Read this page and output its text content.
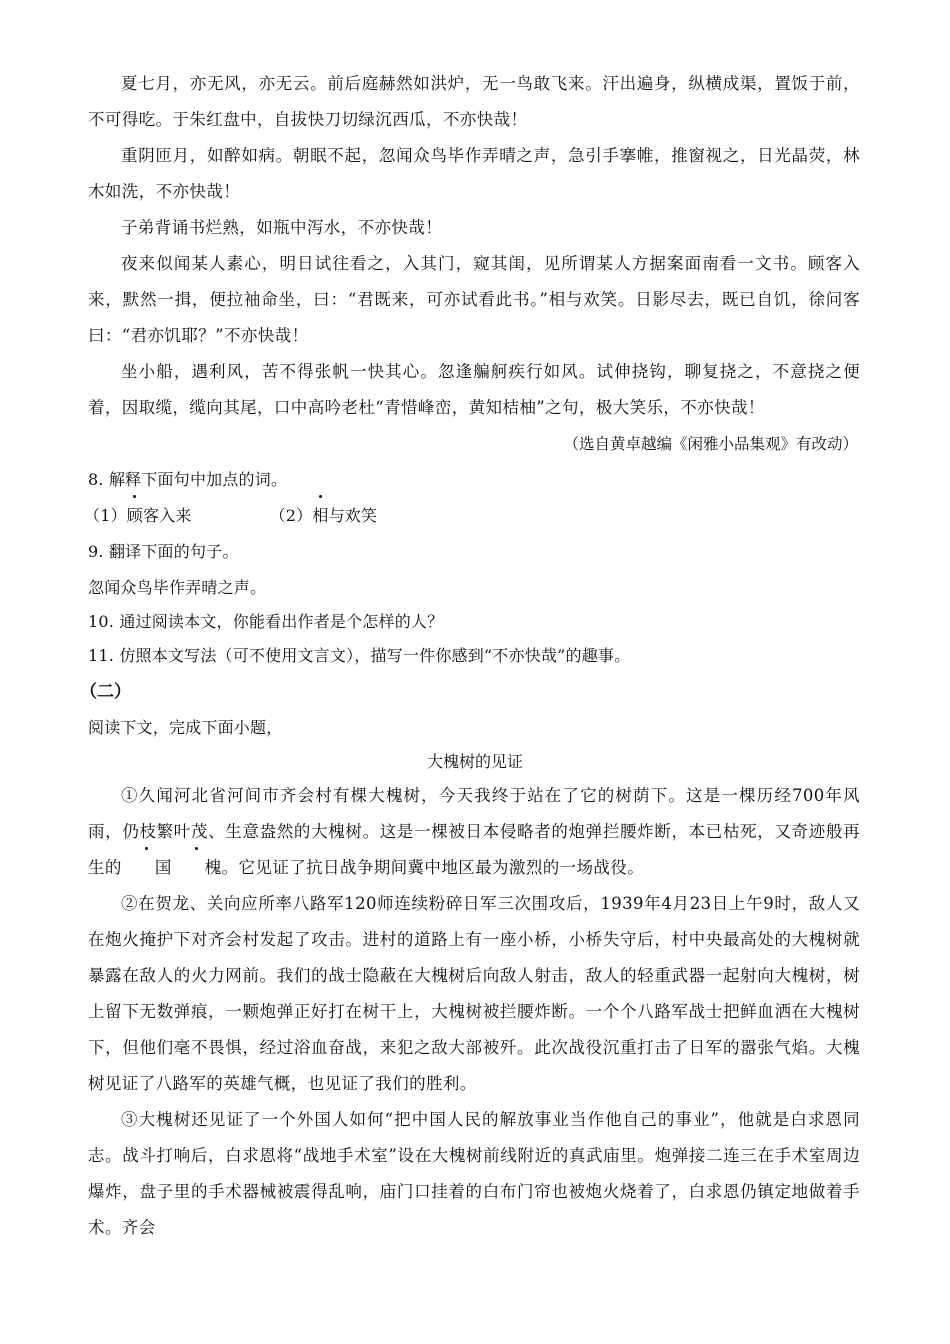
夏七月，亦无风，亦无云。前后庭赫然如洪炉，无一鸟敢飞来。汗出遍身，纵横成渠，置饭于前，不可得吃。于朱红盘中，自拔快刀切绿沉西瓜，不亦快哉！

重阴匝月，如醉如病。朝眠不起，忽闻众鸟毕作弄晴之声，急引手搴帷，推窗视之，日光晶荧，林木如洗，不亦快哉！

子弟背诵书烂熟，如瓶中泻水，不亦快哉！

夜来似闻某人素心，明日试往看之，入其门，窥其闺，见所谓某人方据案面南看一文书。顾客入来，默然一揖，便拉袖命坐，曰：“君既来，可亦试看此书。”相与欢笑。日影尽去，既已自饥，徐问客曰：“君亦饥耶？”不亦快哉！

坐小船，遇利风，苦不得张帆一快其心。忽逢艑舸疾行如风。试伸挠钩，聊复挠之，不意挠之便着，因取缆，缆向其尾，口中高吟老杜“青惜峰峦，黄知桔柚”之句，极大笑乐，不亦快哉！

（选自黄卓越编《闲雅小品集观》有改动）

8. 解释下面句中加点的词。

（1）顾客入来	（2）相与欢笑

9. 翻译下面的句子。

忽闻众鸟毕作弄晴之声。

10. 通过阅读本文，你能看出作者是个怎样的人？

11. 仿照本文写法（可不使用文言文），描写一件你感到“不亦快哉”的趣事。

（二）

阅读下文，完成下面小题，

大槐树的见证

①久闻河北省河间市齐会村有棵大槐树，今天我终于站在了它的树荫下。这是一棵历经700年风雨，仍枝繁叶茂、生意盎然的大槐树。这是一棵被日本侵略者的炮弹拦腰炸断，本已枯死，又奇迹般再生的 国 槐。它见证了抗日战争期间冀中地区最为激烈的一场战役。

②在贺龙、关向应所率八路军120师连续粉碎日军三次围攻后，1939年4月23日上午9时，敌人又在炮火掩护下对齐会村发起了攻击。进村的道路上有一座小桥，小桥失守后，村中央最高处的大槐树就暴露在敌人的火力网前。我们的战士隐蔽在大槐树后向敌人射击，敌人的轻重武器一起射向大槐树，树上留下无数弹痕，一颗炮弹正好打在树干上，大槐树被拦腰炸断。一个个八路军战士把鲜血洒在大槐树下，但他们毫不畏惧，经过浴血奋战，来犯之敌大部被歼。此次战役沉重打击了日军的嚣张气焰。大槐树见证了八路军的英雄气概，也见证了我们的胜利。

③大槐树还见证了一个外国人如何“把中国人民的解放事业当作他自己的事业”，他就是白求恩同志。战斗打响后，白求恩将“战地手术室”设在大槐树前线附近的真武庙里。炮弹接二连三在手术室周边爆炸，盘子里的手术器械被震得乱响，庙门口挂着的白布门帘也被炮火烧着了，白求恩仍镇定地做着手术。齐会
